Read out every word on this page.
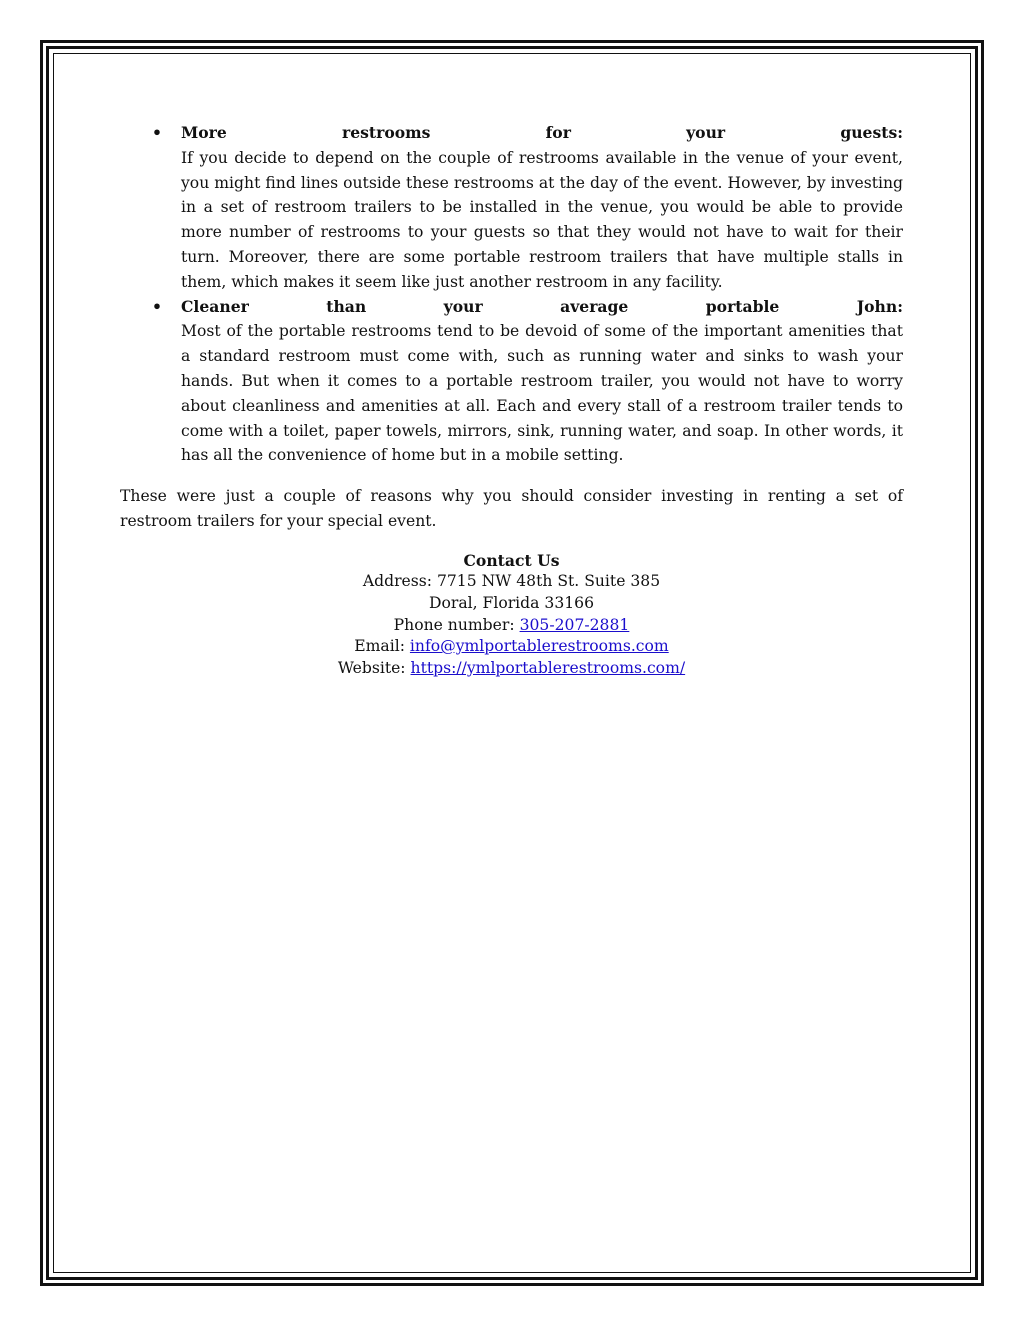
• More restrooms for your guests:
If you decide to depend on the couple of restrooms available in the venue of your event, you might find lines outside these restrooms at the day of the event. However, by investing in a set of restroom trailers to be installed in the venue, you would be able to provide more number of restrooms to your guests so that they would not have to wait for their turn. Moreover, there are some portable restroom trailers that have multiple stalls in them, which makes it seem like just another restroom in any facility.
• Cleaner than your average portable John:
Most of the portable restrooms tend to be devoid of some of the important amenities that a standard restroom must come with, such as running water and sinks to wash your hands. But when it comes to a portable restroom trailer, you would not have to worry about cleanliness and amenities at all. Each and every stall of a restroom trailer tends to come with a toilet, paper towels, mirrors, sink, running water, and soap. In other words, it has all the convenience of home but in a mobile setting.

These were just a couple of reasons why you should consider investing in renting a set of restroom trailers for your special event.

Contact Us
Address: 7715 NW 48th St. Suite 385
Doral, Florida 33166
Phone number: 305-207-2881
Email: info@ymlportablerestrooms.com
Website: https://ymlportablerestrooms.com/
